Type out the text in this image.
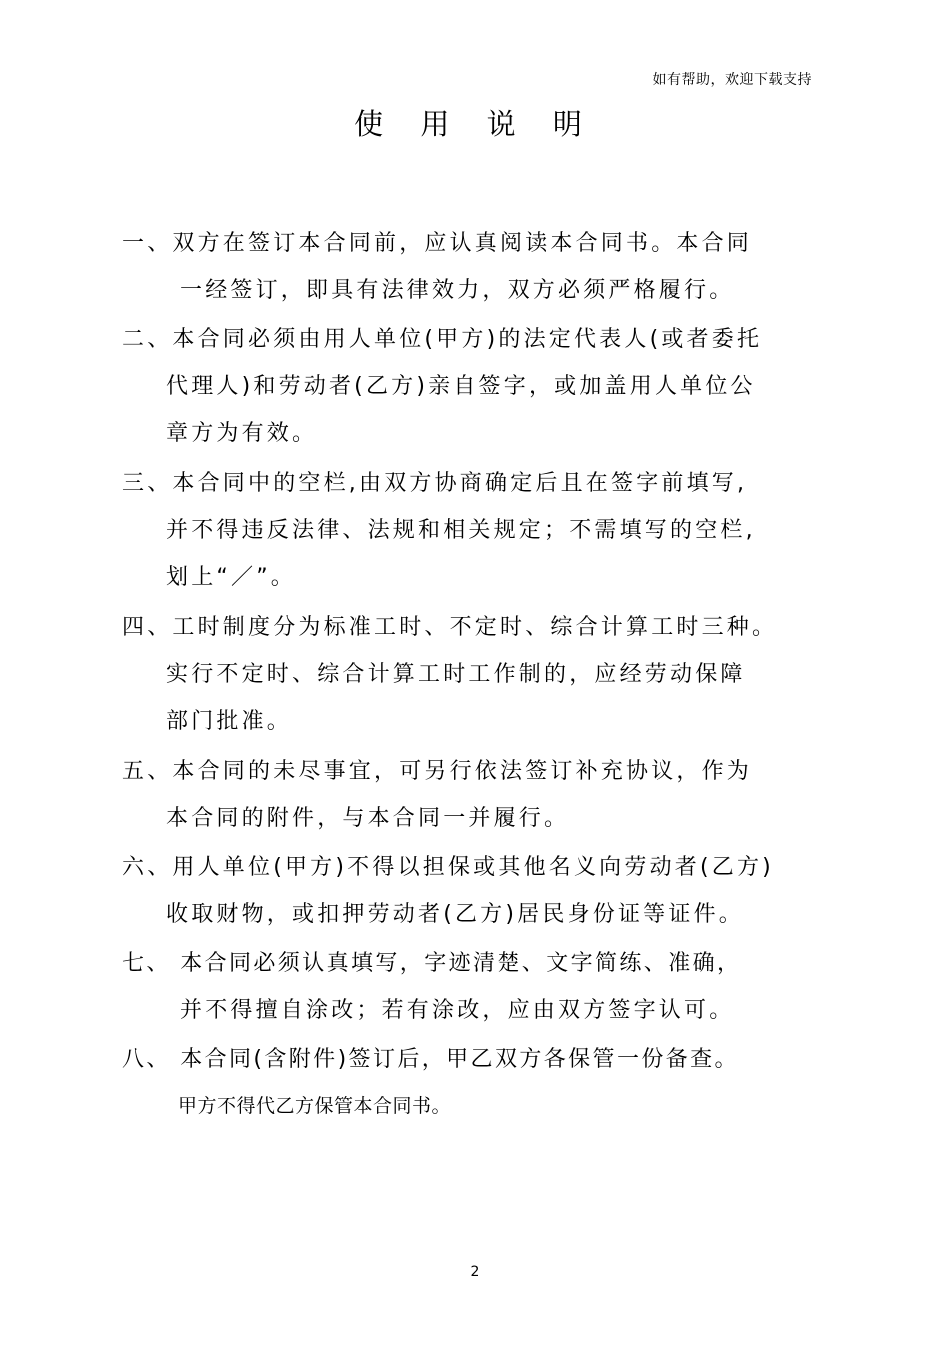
如有帮助，欢迎下载支持
使 用 说 明
一、双方在签订本合同前，应认真阅读本合同书。本合同
一经签订，即具有法律效力，双方必须严格履行。
二、本合同必须由用人单位(甲方)的法定代表人(或者委托
代理人)和劳动者(乙方)亲自签字，或加盖用人单位公
章方为有效。
三、本合同中的空栏,由双方协商确定后且在签字前填写,
并不得违反法律、法规和相关规定；不需填写的空栏,
划上“／”。
四、工时制度分为标准工时、不定时、综合计算工时三种。
实行不定时、综合计算工时工作制的，应经劳动保障
部门批准。
五、本合同的未尽事宜，可另行依法签订补充协议，作为
本合同的附件，与本合同一并履行。
六、用人单位(甲方)不得以担保或其他名义向劳动者(乙方)
收取财物，或扣押劳动者(乙方)居民身份证等证件。
七、 本合同必须认真填写，字迹清楚、文字简练、准确，
并不得擅自涂改；若有涂改，应由双方签字认可。
八、 本合同(含附件)签订后，甲乙双方各保管一份备查。
甲方不得代乙方保管本合同书。
2
